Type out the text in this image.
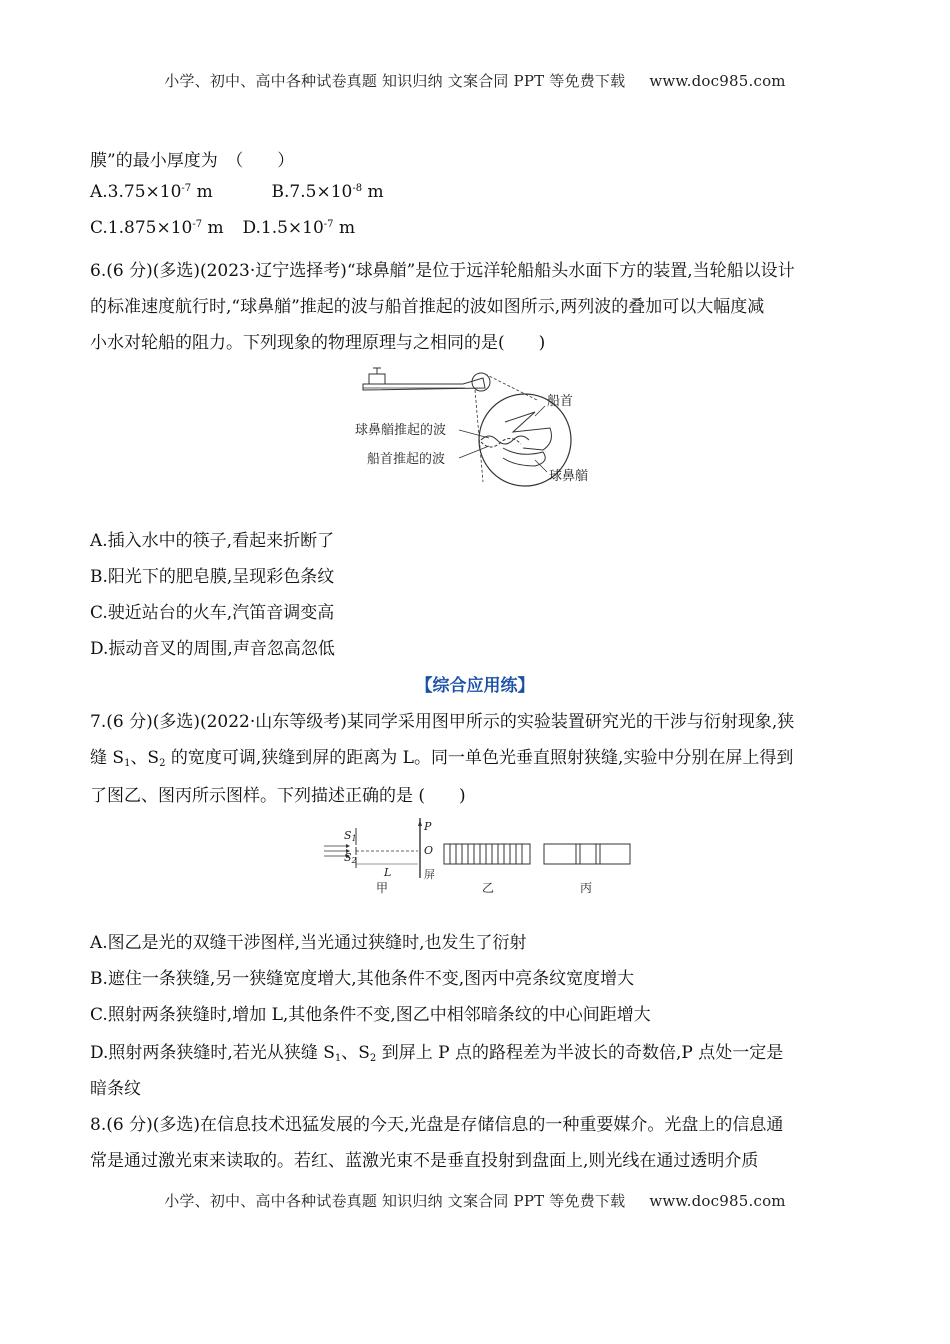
小学、初中、高中各种试卷真题 知识归纳 文案合同 PPT 等免费下载 www.doc985.com
膜”的最小厚度为　（　　）
$A.3.75\times 10^{-7}$ m	$B.7.5\times 10^{-8}$ m
$C.1.875\times 10^{-7}$ m $D.1.5\times 10^{-7}$ m
6.(6 分)(多选)(2023·辽宁选择考)“球鼻艏”是位于远洋轮船船头水面下方的装置,当轮船以设计
的标准速度航行时,“球鼻艏”推起的波与船首推起的波如图所示,两列波的叠加可以大幅度减
小水对轮船的阻力。下列现象的物理原理与之相同的是(　　)
船首
球鼻艏推起的波
船首推起的波
球鼻艏
A.插入水中的筷子,看起来折断了
B.阳光下的肥皂膜,呈现彩色条纹
C.驶近站台的火车,汽笛音调变高
D.振动音叉的周围,声音忽高忽低
【综合应用练】
7.(6 分)(多选)(2022·山东等级考)某同学采用图甲所示的实验装置研究光的干涉与衍射现象,狭
缝 $S_1$、$S_2$ 的宽度可调,狭缝到屏的距离为 L。同一单色光垂直照射狭缝,实验中分别在屏上得到
了图乙、图丙所示图样。下列描述正确的是 (　　)
S1
S2
P
O
L	屏
甲	乙	丙
A.图乙是光的双缝干涉图样,当光通过狭缝时,也发生了衍射
B.遮住一条狭缝,另一狭缝宽度增大,其他条件不变,图丙中亮条纹宽度增大
C.照射两条狭缝时,增加 L,其他条件不变,图乙中相邻暗条纹的中心间距增大
D.照射两条狭缝时,若光从狭缝 $S_1$、$S_2$ 到屏上 P 点的路程差为半波长的奇数倍,P 点处一定是
暗条纹
8.(6 分)(多选)在信息技术迅猛发展的今天,光盘是存储信息的一种重要媒介。光盘上的信息通
常是通过激光束来读取的。若红、蓝激光束不是垂直投射到盘面上,则光线在通过透明介质
小学、初中、高中各种试卷真题 知识归纳 文案合同 PPT 等免费下载 www.doc985.com
